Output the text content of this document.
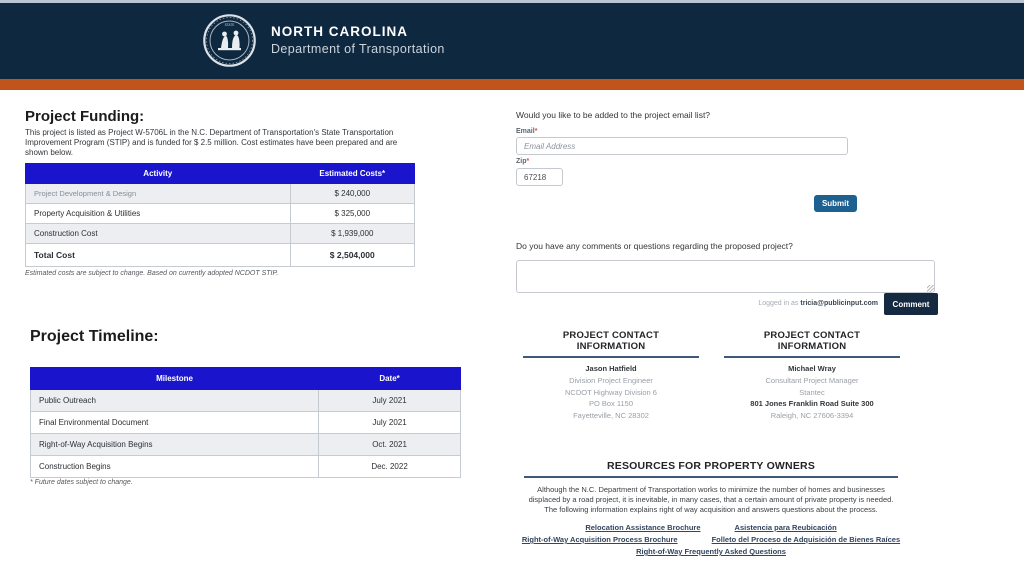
STATE	NORTH CAROLINA
Department of Transportation
Project Funding:

This project is listed as Project W-5706L in the N.C. Department of Transportation's State Transportation Improvement Program (STIP) and is funded for $ 2.5 million. Cost estimates have been prepared and are shown below.

Activity	Estimated Costs*
Project Development & Design	$ 240,000
Property Acquisition & Utilities	$ 325,000
Construction Cost	$ 1,939,000
Total Cost	$ 2,504,000
Estimated costs are subject to change. Based on currently adopted NCDOT STIP.
Project Timeline:
Milestone	Date*
Public Outreach	July 2021
Final Environmental Document	July 2021
Right-of-Way Acquisition Begins	Oct. 2021
Construction Begins	Dec. 2022
* Future dates subject to change.
Would you like to be added to the project email list?
Email*
Email Address
Zip*
67218
Submit
Do you have any comments or questions regarding the proposed project?
Logged in as tricia@publicinput.com	Comment
PROJECT CONTACT
INFORMATION
Jason Hatfield
Division Project Engineer
NCDOT Highway Division 6
PO Box 1150
Fayetteville, NC 28302
PROJECT CONTACT
INFORMATION
Michael Wray
Consultant Project Manager
Stantec
801 Jones Franklin Road Suite 300
Raleigh, NC 27606-3394
RESOURCES FOR PROPERTY OWNERS
Although the N.C. Department of Transportation works to minimize the number of homes and businesses displaced by a road project, it is inevitable, in many cases, that a certain amount of private property is needed. The following information explains right of way acquisition and answers questions about the process.
Relocation Assistance Brochure	Asistencia para Reubicación
Right-of-Way Acquisition Process Brochure	Folleto del Proceso de Adquisición de Bienes Raíces
Right-of-Way Frequently Asked Questions
